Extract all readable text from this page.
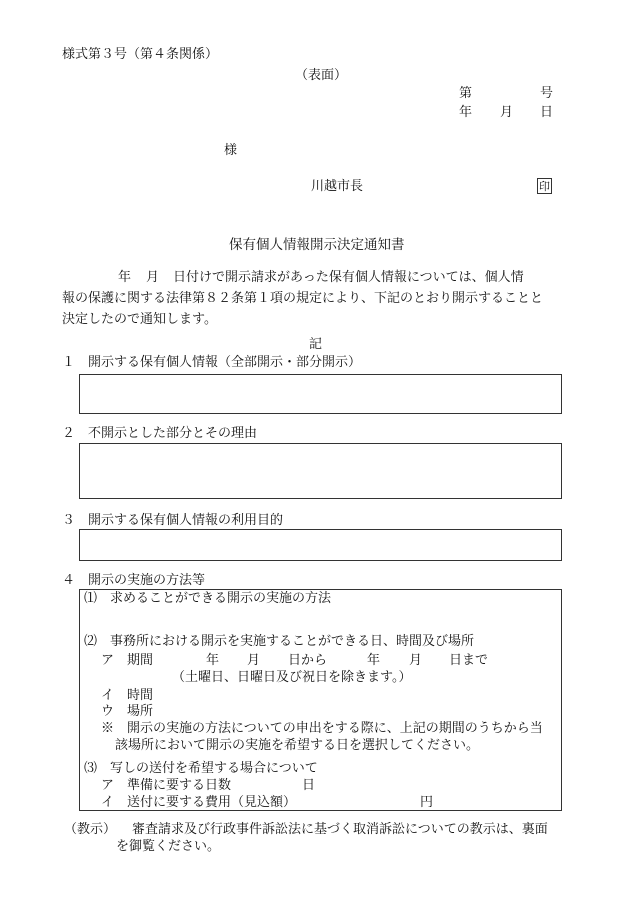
様式第３号（第４条関係）
（表面）
第	号
年 月 日
様
川越市長	印
保有個人情報開示決定通知書
年 月 日付けで開示請求があった保有個人情報については、個人情
報の保護に関する法律第８２条第１項の規定により、下記のとおり開示することと
決定したので通知します。
記
１　開示する保有個人情報（全部開示・部分開示）
２　不開示とした部分とその理由
３　開示する保有個人情報の利用目的
４　開示の実施の方法等
⑴　求めることができる開示の実施の方法
⑵　事務所における開示を実施することができる日、時間及び場所
ア　期間	年 月 日から	年 月 日まで
（土曜日、日曜日及び祝日を除きます。）
イ　時間
ウ　場所
※　開示の実施の方法についての申出をする際に、上記の期間のうちから当
該場所において開示の実施を希望する日を選択してください。
⑶　写しの送付を希望する場合について
ア　準備に要する日数	日
イ　送付に要する費用（見込額）	円
（教示） 審査請求及び行政事件訴訟法に基づく取消訴訟についての教示は、裏面
を御覧ください。
